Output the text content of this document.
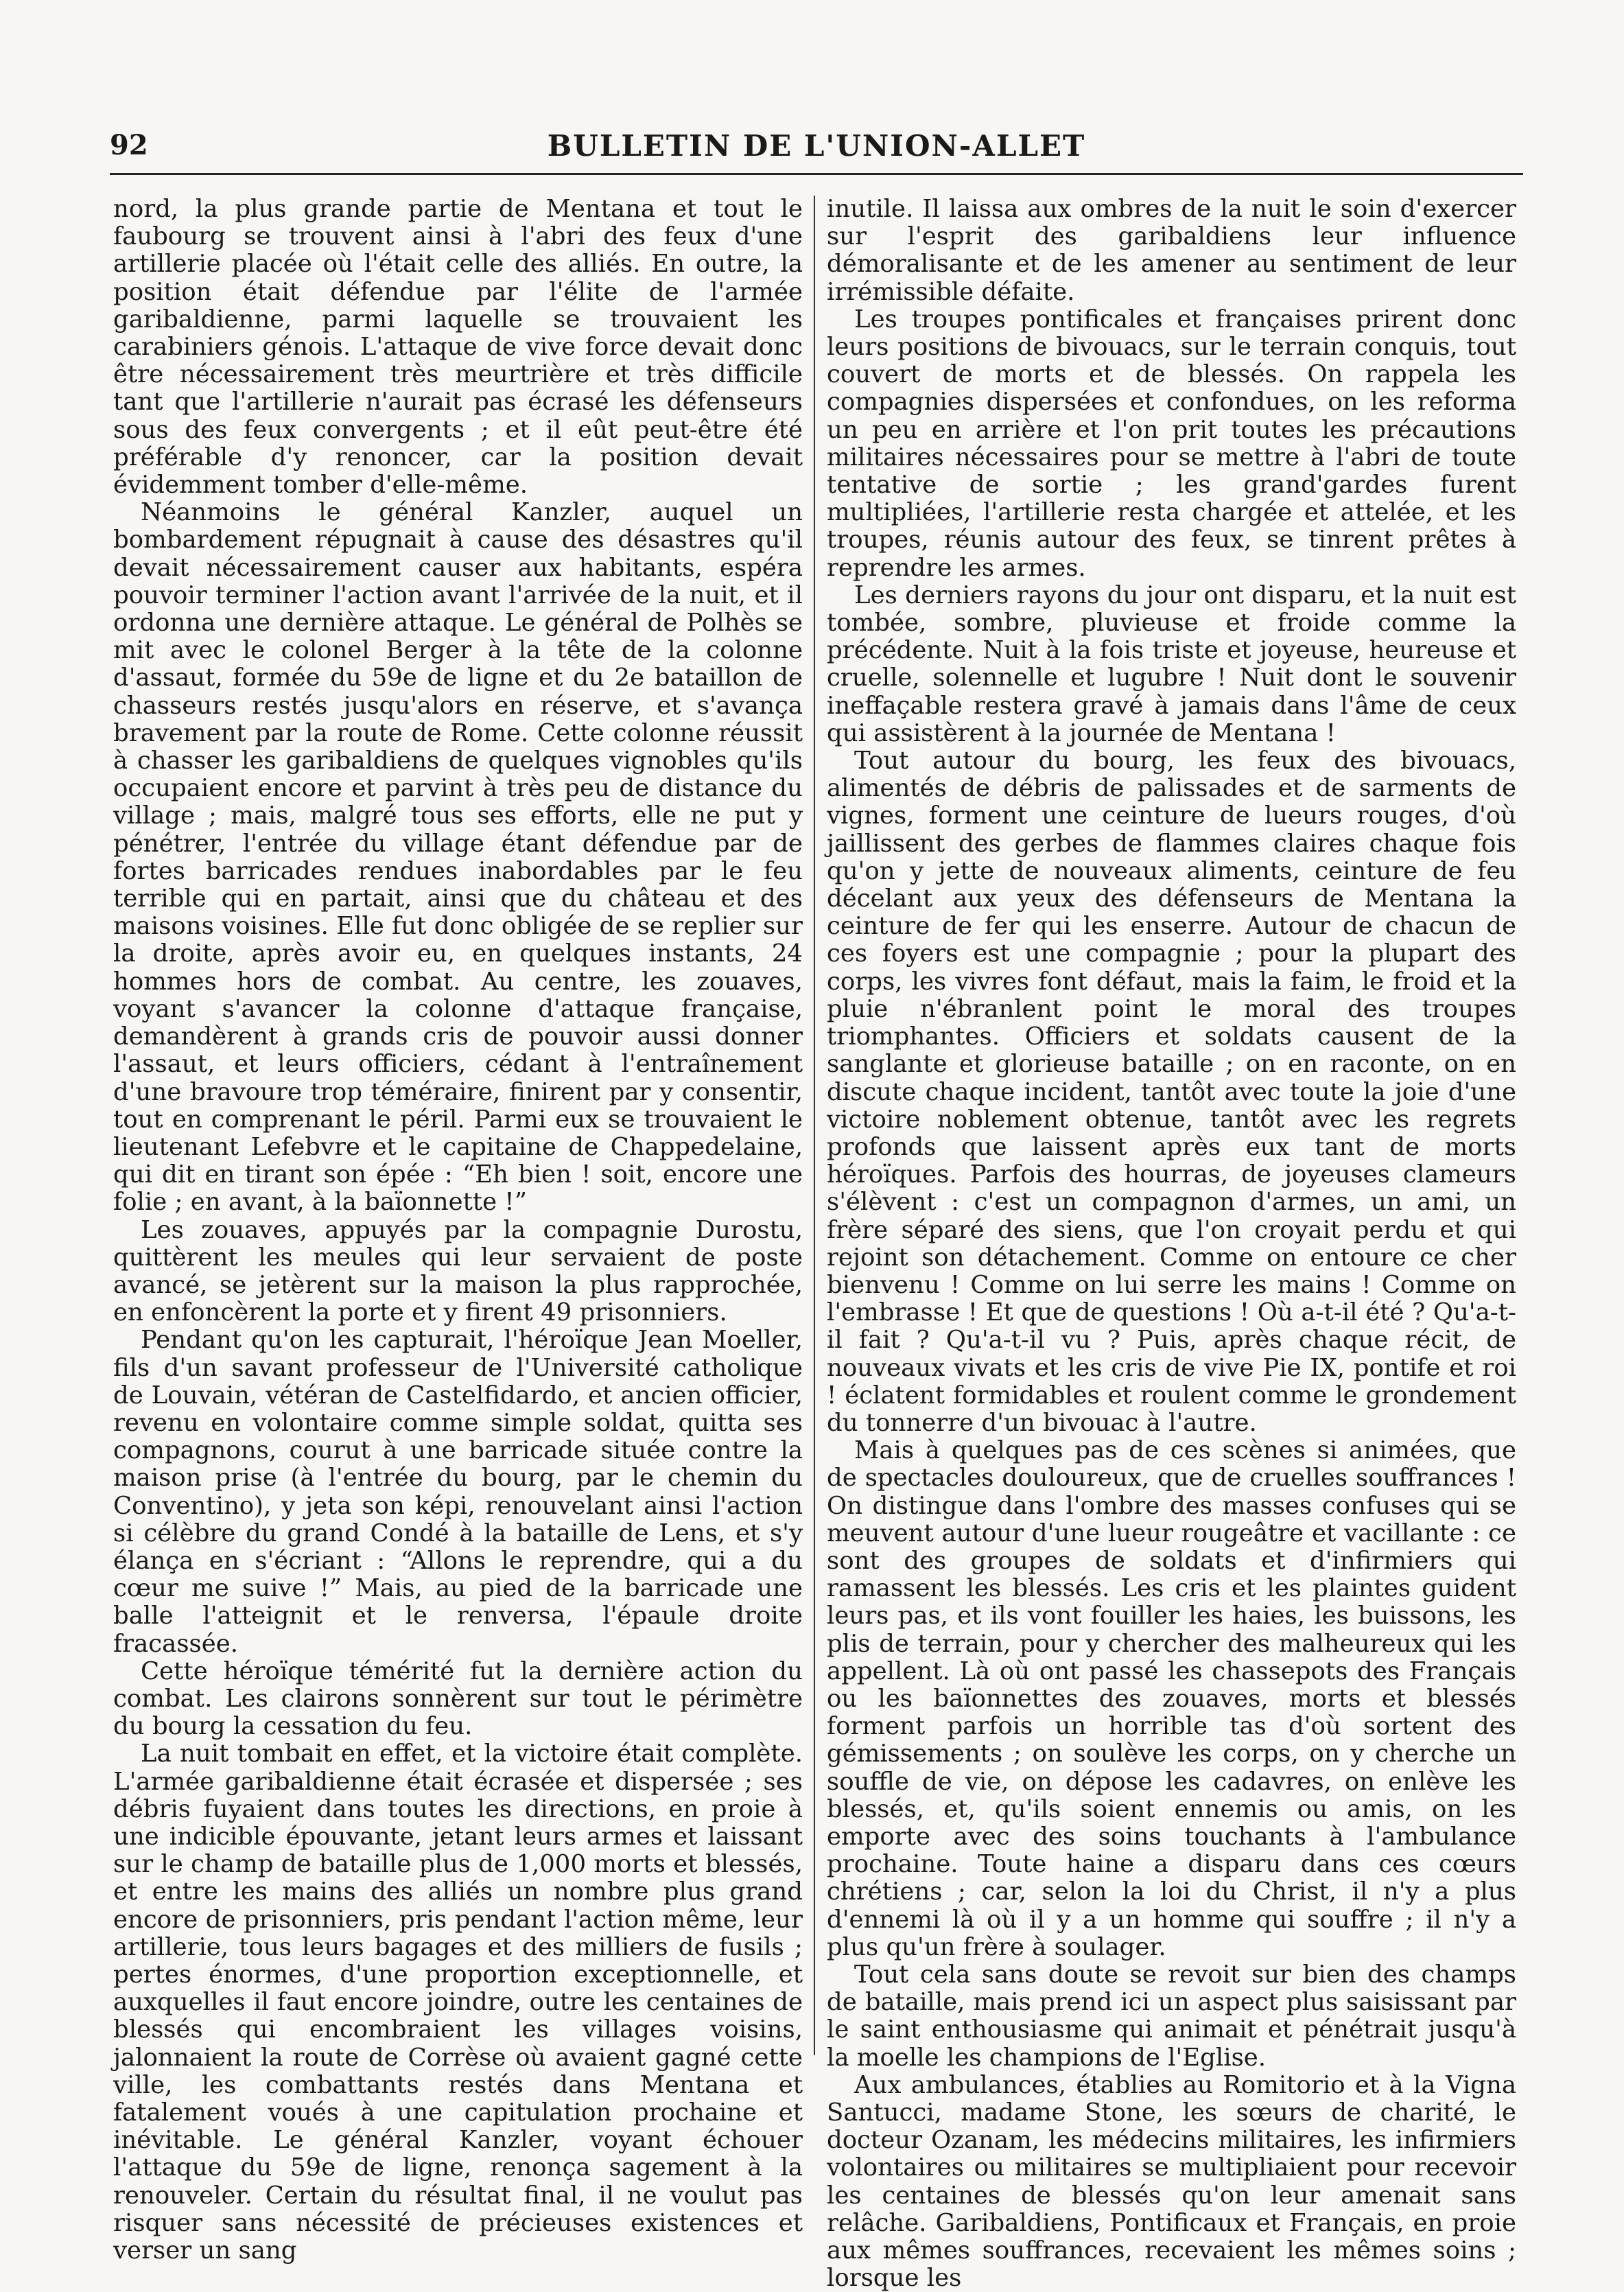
92	BULLETIN DE L'UNION-ALLET

nord, la plus grande partie de Mentana et tout le faubourg se trouvent ainsi à l'abri des feux d'une artillerie placée où l'était celle des alliés. En outre, la position était défendue par l'élite de l'armée garibaldienne, parmi laquelle se trouvaient les carabiniers génois. L'attaque de vive force devait donc être nécessairement très meurtrière et très difficile tant que l'artillerie n'aurait pas écrasé les défenseurs sous des feux convergents ; et il eût peut-être été préférable d'y renoncer, car la position devait évidemment tomber d'elle-même.

Néanmoins le général Kanzler, auquel un bombardement répugnait à cause des désastres qu'il devait nécessairement causer aux habitants, espéra pouvoir terminer l'action avant l'arrivée de la nuit, et il ordonna une dernière attaque. Le général de Polhès se mit avec le colonel Berger à la tête de la colonne d'assaut, formée du 59e de ligne et du 2e bataillon de chasseurs restés jusqu'alors en réserve, et s'avança bravement par la route de Rome. Cette colonne réussit à chasser les garibaldiens de quelques vignobles qu'ils occupaient encore et parvint à très peu de distance du village ; mais, malgré tous ses efforts, elle ne put y pénétrer, l'entrée du village étant défendue par de fortes barricades rendues inabordables par le feu terrible qui en partait, ainsi que du château et des maisons voisines. Elle fut donc obligée de se replier sur la droite, après avoir eu, en quelques instants, 24 hommes hors de combat. Au centre, les zouaves, voyant s'avancer la colonne d'attaque française, demandèrent à grands cris de pouvoir aussi donner l'assaut, et leurs officiers, cédant à l'entraînement d'une bravoure trop téméraire, finirent par y consentir, tout en comprenant le péril. Parmi eux se trouvaient le lieutenant Lefebvre et le capitaine de Chappedelaine, qui dit en tirant son épée : “Eh bien ! soit, encore une folie ; en avant, à la baïonnette !”

Les zouaves, appuyés par la compagnie Durostu, quittèrent les meules qui leur servaient de poste avancé, se jetèrent sur la maison la plus rapprochée, en enfoncèrent la porte et y firent 49 prisonniers.

Pendant qu'on les capturait, l'héroïque Jean Moeller, fils d'un savant professeur de l'Université catholique de Louvain, vétéran de Castelfidardo, et ancien officier, revenu en volontaire comme simple soldat, quitta ses compagnons, courut à une barricade située contre la maison prise (à l'entrée du bourg, par le chemin du Conventino), y jeta son képi, renouvelant ainsi l'action si célèbre du grand Condé à la bataille de Lens, et s'y élança en s'écriant : “Allons le reprendre, qui a du cœur me suive !” Mais, au pied de la barricade une balle l'atteignit et le renversa, l'épaule droite fracassée.

Cette héroïque témérité fut la dernière action du combat. Les clairons sonnèrent sur tout le périmètre du bourg la cessation du feu.

La nuit tombait en effet, et la victoire était complète. L'armée garibaldienne était écrasée et dispersée ; ses débris fuyaient dans toutes les directions, en proie à une indicible épouvante, jetant leurs armes et laissant sur le champ de bataille plus de 1,000 morts et blessés, et entre les mains des alliés un nombre plus grand encore de prisonniers, pris pendant l'action même, leur artillerie, tous leurs bagages et des milliers de fusils ; pertes énormes, d'une proportion exceptionnelle, et auxquelles il faut encore joindre, outre les centaines de blessés qui encombraient les villages voisins, jalonnaient la route de Corrèse où avaient gagné cette ville, les combattants restés dans Mentana et fatalement voués à une capitulation prochaine et inévitable. Le général Kanzler, voyant échouer l'attaque du 59e de ligne, renonça sagement à la renouveler. Certain du résultat final, il ne voulut pas risquer sans nécessité de précieuses existences et verser un sang

inutile. Il laissa aux ombres de la nuit le soin d'exercer sur l'esprit des garibaldiens leur influence démoralisante et de les amener au sentiment de leur irrémissible défaite.

Les troupes pontificales et françaises prirent donc leurs positions de bivouacs, sur le terrain conquis, tout couvert de morts et de blessés. On rappela les compagnies dispersées et confondues, on les reforma un peu en arrière et l'on prit toutes les précautions militaires nécessaires pour se mettre à l'abri de toute tentative de sortie ; les grand'gardes furent multipliées, l'artillerie resta chargée et attelée, et les troupes, réunis autour des feux, se tinrent prêtes à reprendre les armes.

Les derniers rayons du jour ont disparu, et la nuit est tombée, sombre, pluvieuse et froide comme la précédente. Nuit à la fois triste et joyeuse, heureuse et cruelle, solennelle et lugubre ! Nuit dont le souvenir ineffaçable restera gravé à jamais dans l'âme de ceux qui assistèrent à la journée de Mentana !

Tout autour du bourg, les feux des bivouacs, alimentés de débris de palissades et de sarments de vignes, forment une ceinture de lueurs rouges, d'où jaillissent des gerbes de flammes claires chaque fois qu'on y jette de nouveaux aliments, ceinture de feu décelant aux yeux des défenseurs de Mentana la ceinture de fer qui les enserre. Autour de chacun de ces foyers est une compagnie ; pour la plupart des corps, les vivres font défaut, mais la faim, le froid et la pluie n'ébranlent point le moral des troupes triomphantes. Officiers et soldats causent de la sanglante et glorieuse bataille ; on en raconte, on en discute chaque incident, tantôt avec toute la joie d'une victoire noblement obtenue, tantôt avec les regrets profonds que laissent après eux tant de morts héroïques. Parfois des hourras, de joyeuses clameurs s'élèvent : c'est un compagnon d'armes, un ami, un frère séparé des siens, que l'on croyait perdu et qui rejoint son détachement. Comme on entoure ce cher bienvenu ! Comme on lui serre les mains ! Comme on l'embrasse ! Et que de questions ! Où a-t-il été ? Qu'a-t-il fait ? Qu'a-t-il vu ? Puis, après chaque récit, de nouveaux vivats et les cris de vive Pie IX, pontife et roi ! éclatent formidables et roulent comme le grondement du tonnerre d'un bivouac à l'autre.

Mais à quelques pas de ces scènes si animées, que de spectacles douloureux, que de cruelles souffrances ! On distingue dans l'ombre des masses confuses qui se meuvent autour d'une lueur rougeâtre et vacillante : ce sont des groupes de soldats et d'infirmiers qui ramassent les blessés. Les cris et les plaintes guident leurs pas, et ils vont fouiller les haies, les buissons, les plis de terrain, pour y chercher des malheureux qui les appellent. Là où ont passé les chassepots des Français ou les baïonnettes des zouaves, morts et blessés forment parfois un horrible tas d'où sortent des gémissements ; on soulève les corps, on y cherche un souffle de vie, on dépose les cadavres, on enlève les blessés, et, qu'ils soient ennemis ou amis, on les emporte avec des soins touchants à l'ambulance prochaine. Toute haine a disparu dans ces cœurs chrétiens ; car, selon la loi du Christ, il n'y a plus d'ennemi là où il y a un homme qui souffre ; il n'y a plus qu'un frère à soulager.

Tout cela sans doute se revoit sur bien des champs de bataille, mais prend ici un aspect plus saisissant par le saint enthousiasme qui animait et pénétrait jusqu'à la moelle les champions de l'Eglise.

Aux ambulances, établies au Romitorio et à la Vigna Santucci, madame Stone, les sœurs de charité, le docteur Ozanam, les médecins militaires, les infirmiers volontaires ou militaires se multipliaient pour recevoir les centaines de blessés qu'on leur amenait sans relâche. Garibaldiens, Pontificaux et Français, en proie aux mêmes souffrances, recevaient les mêmes soins ; lorsque les
